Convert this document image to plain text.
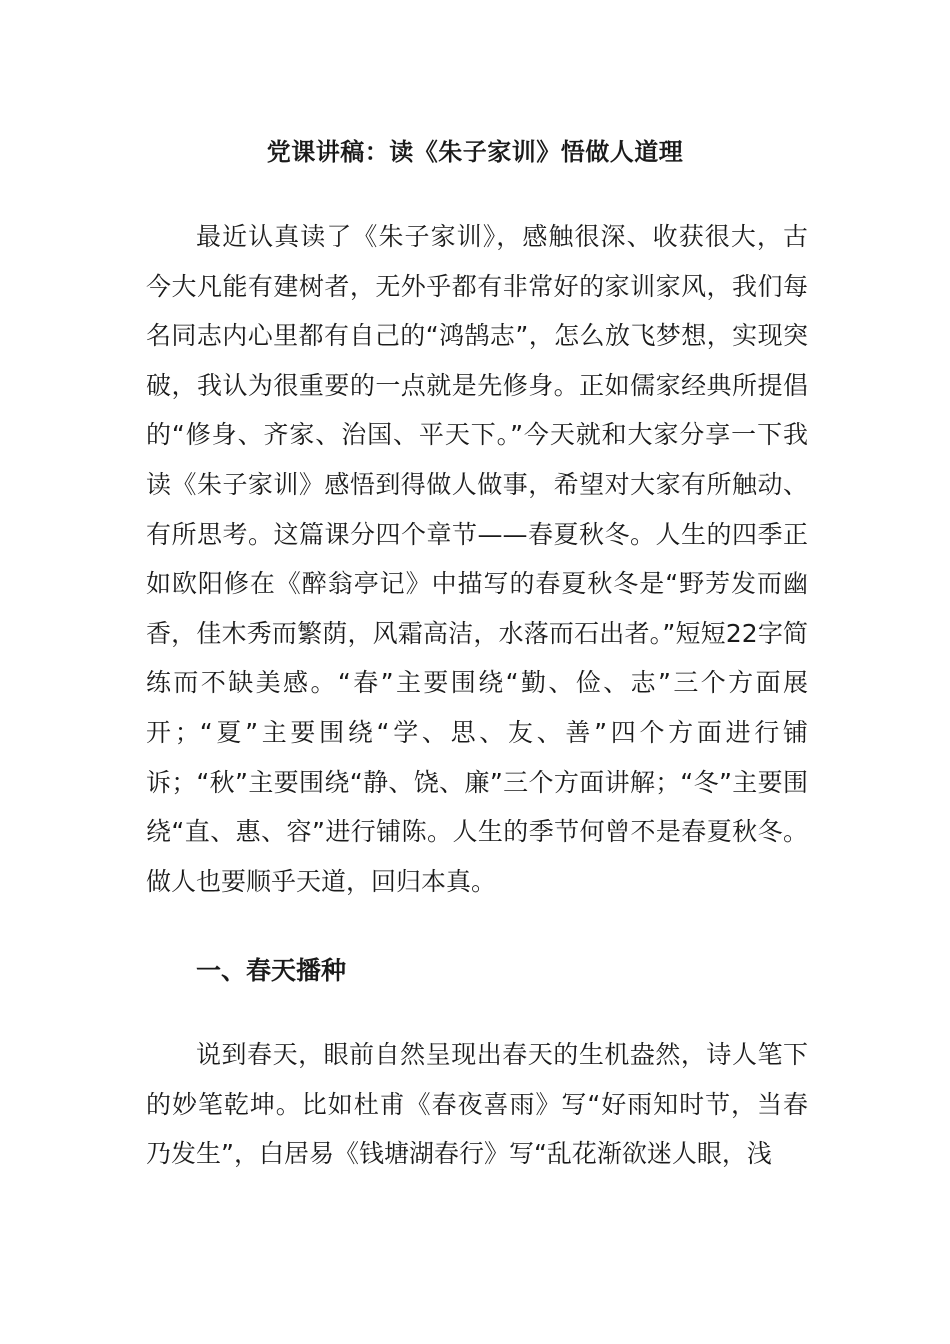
党课讲稿：读《朱子家训》悟做人道理

最近认真读了《朱子家训》，感触很深、收获很大，古今大凡能有建树者，无外乎都有非常好的家训家风，我们每名同志内心里都有自己的“鸿鹄志”，怎么放飞梦想，实现突破，我认为很重要的一点就是先修身。正如儒家经典所提倡的“修身、齐家、治国、平天下。”今天就和大家分享一下我读《朱子家训》感悟到得做人做事，希望对大家有所触动、有所思考。这篇课分四个章节——春夏秋冬。人生的四季正如欧阳修在《醉翁亭记》中描写的春夏秋冬是“野芳发而幽香，佳木秀而繁荫，风霜高洁，水落而石出者。”短短22字简练而不缺美感。“春”主要围绕“勤、俭、志”三个方面展开；“夏”主要围绕“学、思、友、善”四个方面进行铺诉；“秋”主要围绕“静、饶、廉”三个方面讲解；“冬”主要围绕“直、惠、容”进行铺陈。人生的季节何曾不是春夏秋冬。做人也要顺乎天道，回归本真。

一、春天播种

说到春天，眼前自然呈现出春天的生机盎然，诗人笔下的妙笔乾坤。比如杜甫《春夜喜雨》写“好雨知时节，当春乃发生”，白居易《钱塘湖春行》写“乱花渐欲迷人眼，浅
